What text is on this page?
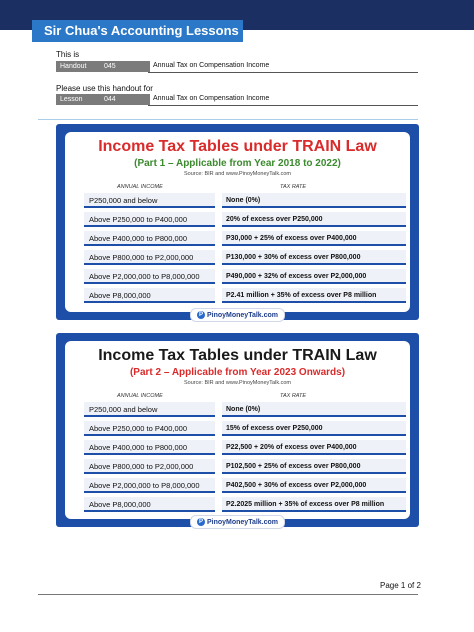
Sir Chua's Accounting Lessons PH
This is
Handout	045	Annual Tax on Compensation Income
Please use this handout for
Lesson	044	Annual Tax on Compensation Income
Income Tax Tables under TRAIN Law
(Part 1 – Applicable from Year 2018 to 2022)
Source: BIR and www.PinoyMoneyTalk.com
ANNUAL INCOME	TAX RATE
P250,000 and below	None (0%)
Above P250,000 to P400,000	20% of excess over P250,000
Above P400,000 to P800,000	P30,000 + 25% of excess over P400,000
Above P800,000 to P2,000,000	P130,000 + 30% of excess over P800,000
Above P2,000,000 to P8,000,000	P490,000 + 32% of excess over P2,000,000
Above P8,000,000	P2.41 million + 35% of excess over P8 million
P PinoyMoneyTalk.com
Income Tax Tables under TRAIN Law
(Part 2 – Applicable from Year 2023 Onwards)
Source: BIR and www.PinoyMoneyTalk.com
ANNUAL INCOME	TAX RATE
P250,000 and below	None (0%)
Above P250,000 to P400,000	15% of excess over P250,000
Above P400,000 to P800,000	P22,500 + 20% of excess over P400,000
Above P800,000 to P2,000,000	P102,500 + 25% of excess over P800,000
Above P2,000,000 to P8,000,000	P402,500 + 30% of excess over P2,000,000
Above P8,000,000	P2.2025 million + 35% of excess over P8 million
P PinoyMoneyTalk.com
Page 1 of 2
